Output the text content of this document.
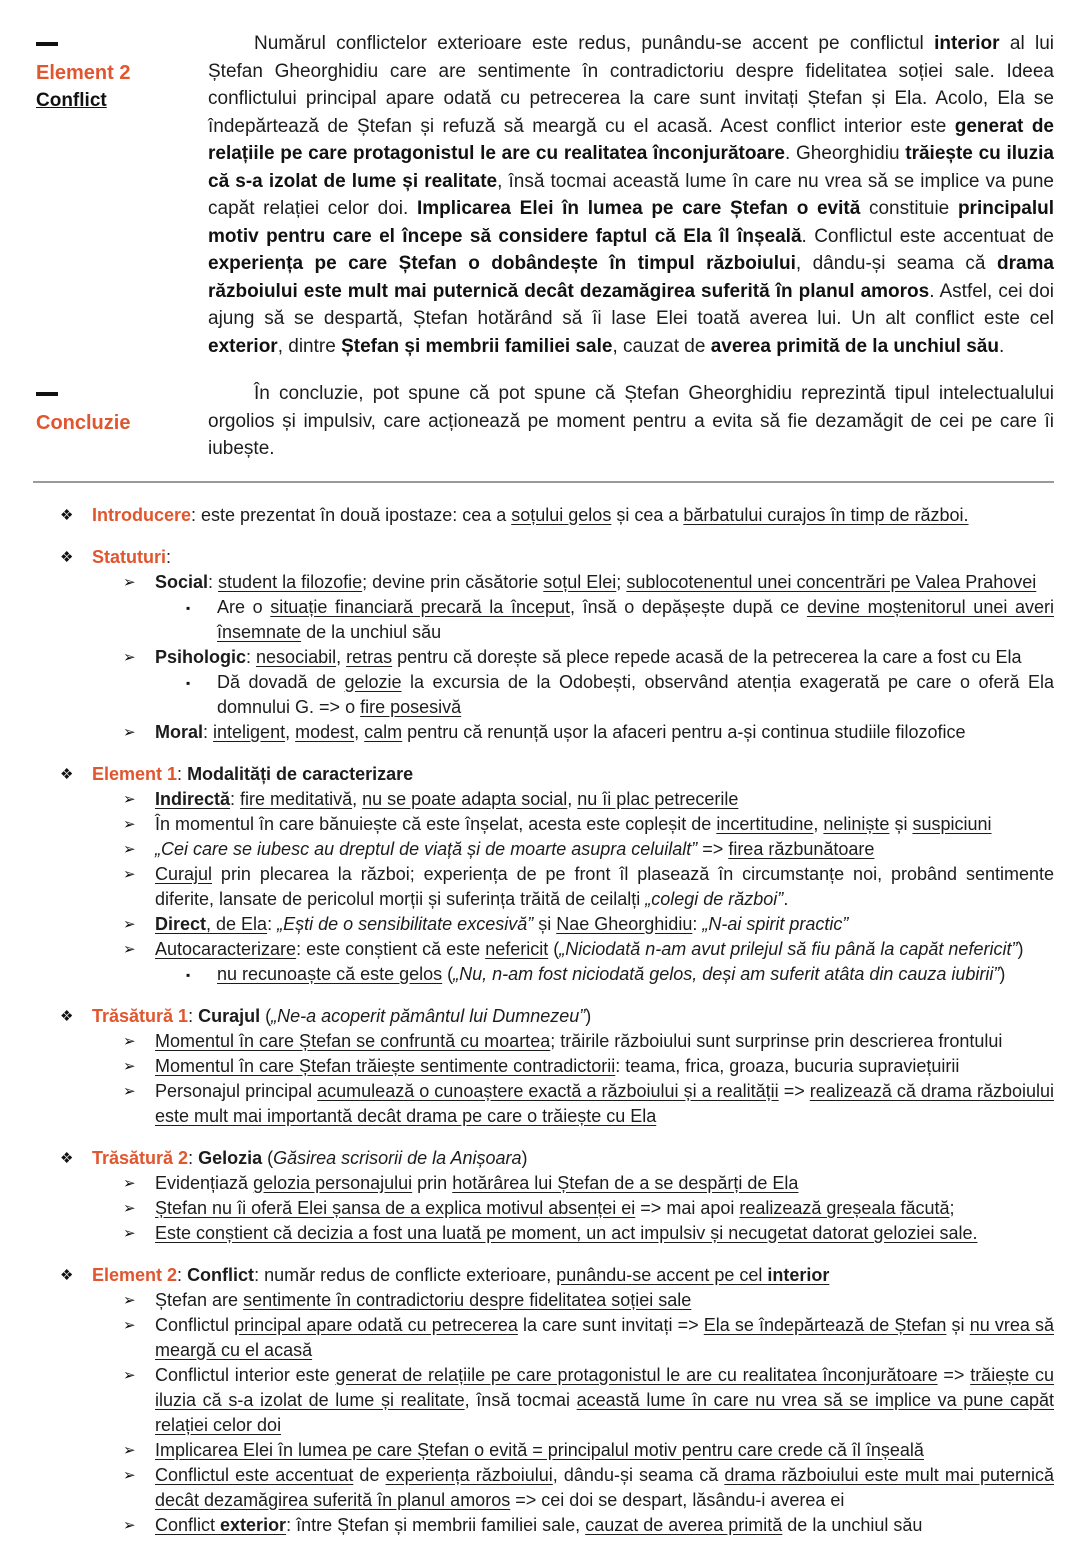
Element 2
Conflict

Numărul conflictelor exterioare este redus, punându-se accent pe conflictul interior al lui Ștefan Gheorghidiu care are sentimente în contradictoriu despre fidelitatea soției sale. Ideea conflictului principal apare odată cu petrecerea la care sunt invitați Ștefan și Ela. Acolo, Ela se îndepărtează de Ștefan și refuză să meargă cu el acasă. Acest conflict interior este generat de relațiile pe care protagonistul le are cu realitatea înconjurătoare. Gheorghidiu trăiește cu iluzia că s-a izolat de lume și realitate, însă tocmai această lume în care nu vrea să se implice va pune capăt relației celor doi. Implicarea Elei în lumea pe care Ștefan o evită constituie principalul motiv pentru care el începe să considere faptul că Ela îl înșeală. Conflictul este accentuat de experiența pe care Ștefan o dobândește în timpul războiului, dându-și seama că drama războiului este mult mai puternică decât dezamăgirea suferită în planul amoros. Astfel, cei doi ajung să se despartă, Ștefan hotărând să îi lase Elei toată averea lui. Un alt conflict este cel exterior, dintre Ștefan și membrii familiei sale, cauzat de averea primită de la unchiul său.

Concluzie

În concluzie, pot spune că pot spune că Ștefan Gheorghidiu reprezintă tipul intelectualului orgolios și impulsiv, care acționează pe moment pentru a evita să fie dezamăgit de cei pe care îi iubește.

❖ Introducere: este prezentat în două ipostaze: cea a soțului gelos și cea a bărbatului curajos în timp de război.
❖ Statuturi:
➢ Social: student la filozofie; devine prin căsătorie soțul Elei; sublocotenentul unei concentrări pe Valea Prahovei
▪ Are o situație financiară precară la început, însă o depășește după ce devine moștenitorul unei averi însemnate de la unchiul său
➢ Psihologic: nesociabil, retras pentru că dorește să plece repede acasă de la petrecerea la care a fost cu Ela
▪ Dă dovadă de gelozie la excursia de la Odobești, observând atenția exagerată pe care o oferă Ela domnului G. => o fire posesivă
➢ Moral: inteligent, modest, calm pentru că renunță ușor la afaceri pentru a-și continua studiile filozofice
❖ Element 1: Modalități de caracterizare
➢ Indirectă: fire meditativă, nu se poate adapta social, nu îi plac petrecerile
➢ În momentul în care bănuiește că este înșelat, acesta este copleșit de incertitudine, neliniște și suspiciuni
➢ „Cei care se iubesc au dreptul de viață și de moarte asupra celuilalt” => firea răzbunătoare
➢ Curajul prin plecarea la război; experiența de pe front îl plasează în circumstanțe noi, probând sentimente diferite, lansate de pericolul morții și suferința trăită de ceilalți „colegi de război”.
➢ Direct, de Ela: „Ești de o sensibilitate excesivă” și Nae Gheorghidiu: „N-ai spirit practic”
➢ Autocaracterizare: este conștient că este nefericit („Niciodată n-am avut prilejul să fiu până la capăt nefericit”)
▪ nu recunoaște că este gelos („Nu, n-am fost niciodată gelos, deși am suferit atâta din cauza iubirii”)
❖ Trăsătură 1: Curajul („Ne-a acoperit pământul lui Dumnezeu”)
➢ Momentul în care Ștefan se confruntă cu moartea; trăirile războiului sunt surprinse prin descrierea frontului
➢ Momentul în care Ștefan trăiește sentimente contradictorii: teama, frica, groaza, bucuria supraviețuirii
➢ Personajul principal acumulează o cunoaștere exactă a războiului și a realității => realizează că drama războiului este mult mai importantă decât drama pe care o trăiește cu Ela
❖ Trăsătură 2: Gelozia (Găsirea scrisorii de la Anișoara)
➢ Evidențiază gelozia personajului prin hotărârea lui Ștefan de a se despărți de Ela
➢ Ștefan nu îi oferă Elei șansa de a explica motivul absenței ei => mai apoi realizează greșeala făcută;
➢ Este conștient că decizia a fost una luată pe moment, un act impulsiv și necugetat datorat geloziei sale.
❖ Element 2: Conflict: număr redus de conflicte exterioare, punându-se accent pe cel interior
➢ Ștefan are sentimente în contradictoriu despre fidelitatea soției sale
➢ Conflictul principal apare odată cu petrecerea la care sunt invitați => Ela se îndepărtează de Ștefan și nu vrea să meargă cu el acasă
➢ Conflictul interior este generat de relațiile pe care protagonistul le are cu realitatea înconjurătoare => trăiește cu iluzia că s-a izolat de lume și realitate, însă tocmai această lume în care nu vrea să se implice va pune capăt relației celor doi
➢ Implicarea Elei în lumea pe care Ștefan o evită = principalul motiv pentru care crede că îl înșeală
➢ Conflictul este accentuat de experiența războiului, dându-și seama că drama războiului este mult mai puternică decât dezamăgirea suferită în planul amoros => cei doi se despart, lăsându-i averea ei
➢ Conflict exterior: între Ștefan și membrii familiei sale, cauzat de averea primită de la unchiul său
